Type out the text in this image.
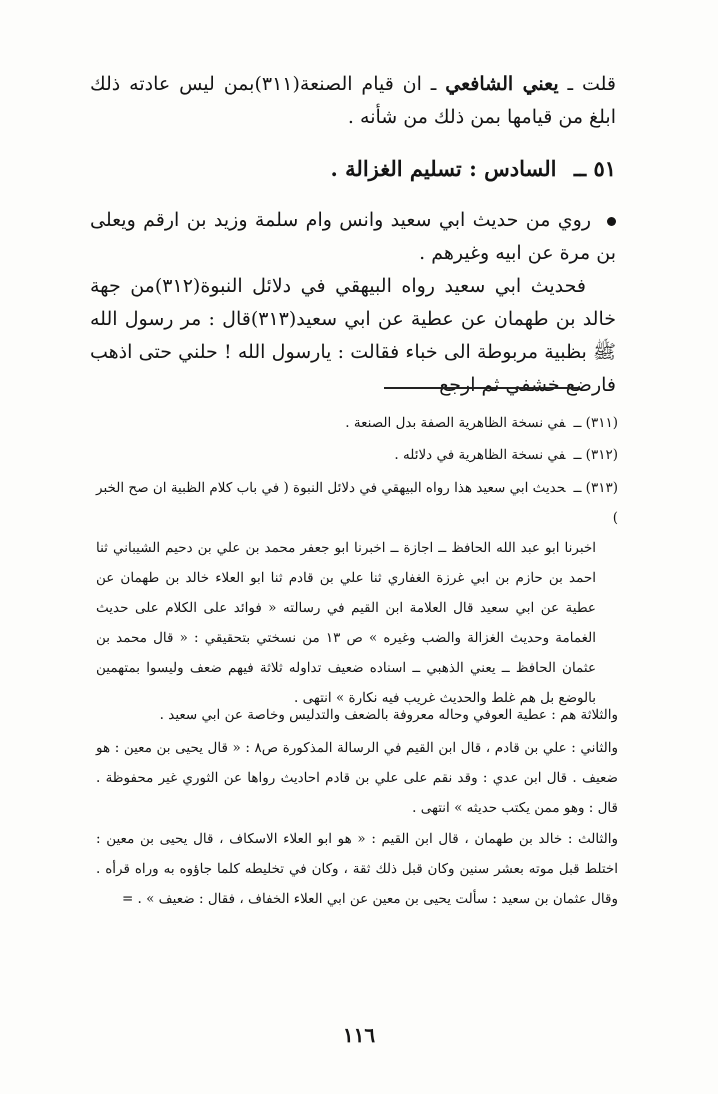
قلت ـ يعني الشافعي ـ ان قيام الصنعة(٣١١)بمن ليس عادته ذلك ابلغ من قيامها بمن ذلك من شأنه .
٥١ ــ السادس : تسليم الغزالة .
روي من حديث ابي سعيد وانس وام سلمة وزيد بن ارقم ويعلى بن مرة عن ابيه وغيرهم .
فحديث ابي سعيد رواه البيهقي في دلائل النبوة(٣١٢)من جهة خالد بن طهمان عن عطية عن ابي سعيد(٣١٣)قال : مر رسول الله ﷺ بظبية مربوطة الى خباء فقالت : يارسول الله ! حلني حتى اذهب فارضع خشفي ثم ارجع
(٣١١) ــفي نسخة الظاهرية الصفة بدل الصنعة .
(٣١٢) ــفي نسخة الظاهرية في دلائله .
(٣١٣) ــحديث ابي سعيد هذا رواه البيهقي في دلائل النبوة ( في باب كلام الظبية ان صح الخبر )
اخبرنا ابو عبد الله الحافظ ــ اجازة ــ اخبرنا ابو جعفر محمد بن علي بن دحيم الشيباني ثنا احمد بن حازم بن ابي غرزة الغفاري ثنا علي بن قادم ثنا ابو العلاء خالد بن طهمان عن عطية عن ابي سعيد قال العلامة ابن القيم في رسالته « فوائد على الكلام على حديث الغمامة وحديث الغزالة والضب وغيره » ص ١٣ من نسختي بتحقيقي : « قال محمد بن عثمان الحافظ ــ يعني الذهبي ــ اسناده ضعيف تداوله ثلاثة فيهم ضعف وليسوا بمتهمين بالوضع بل هم غلط والحديث غريب فيه نكارة » انتهى .
والثلاثة هم : عطية العوفي وحاله معروفة بالضعف والتدليس وخاصة عن ابي سعيد .
والثاني : علي بن قادم ، قال ابن القيم في الرسالة المذكورة ص٨ : « قال يحيى بن معين : هو ضعيف . قال ابن عدي : وقد نقم على علي بن قادم احاديث رواها عن الثوري غير محفوظة . قال : وهو ممن يكتب حديثه » انتهى .
والثالث : خالد بن طهمان ، قال ابن القيم : « هو ابو العلاء الاسكاف ، قال يحيى بن معين : اختلط قبل موته بعشر سنين وكان قبل ذلك ثقة ، وكان في تخليطه كلما جاؤوه به وراه قرأه . وقال عثمان بن سعيد : سألت يحيى بن معين عن ابي العلاء الخفاف ، فقال : ضعيف » . =
١١٦
